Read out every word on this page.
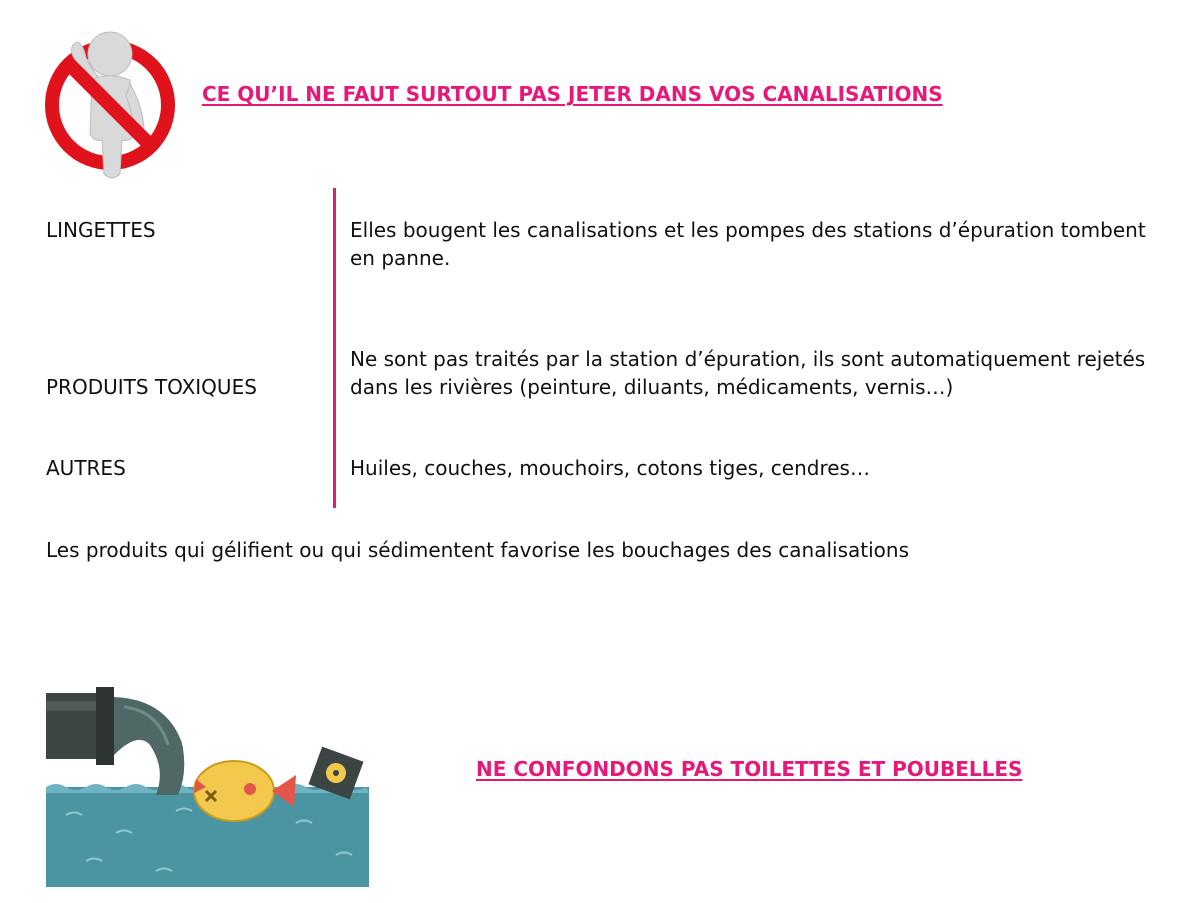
CE QU’IL NE FAUT SURTOUT PAS JETER DANS VOS CANALISATIONS
LINGETTES	Elles bougent les canalisations et les pompes des stations d’épuration tombent en panne.
PRODUITS TOXIQUES
Ne sont pas traités par la station d’épuration, ils sont automatiquement rejetés dans les rivières (peinture, diluants, médicaments, vernis…)
AUTRES	Huiles, couches, mouchoirs, cotons tiges, cendres…
Les produits qui gélifient ou qui sédimentent favorise les bouchages des canalisations
NE CONFONDONS PAS TOILETTES ET POUBELLES
